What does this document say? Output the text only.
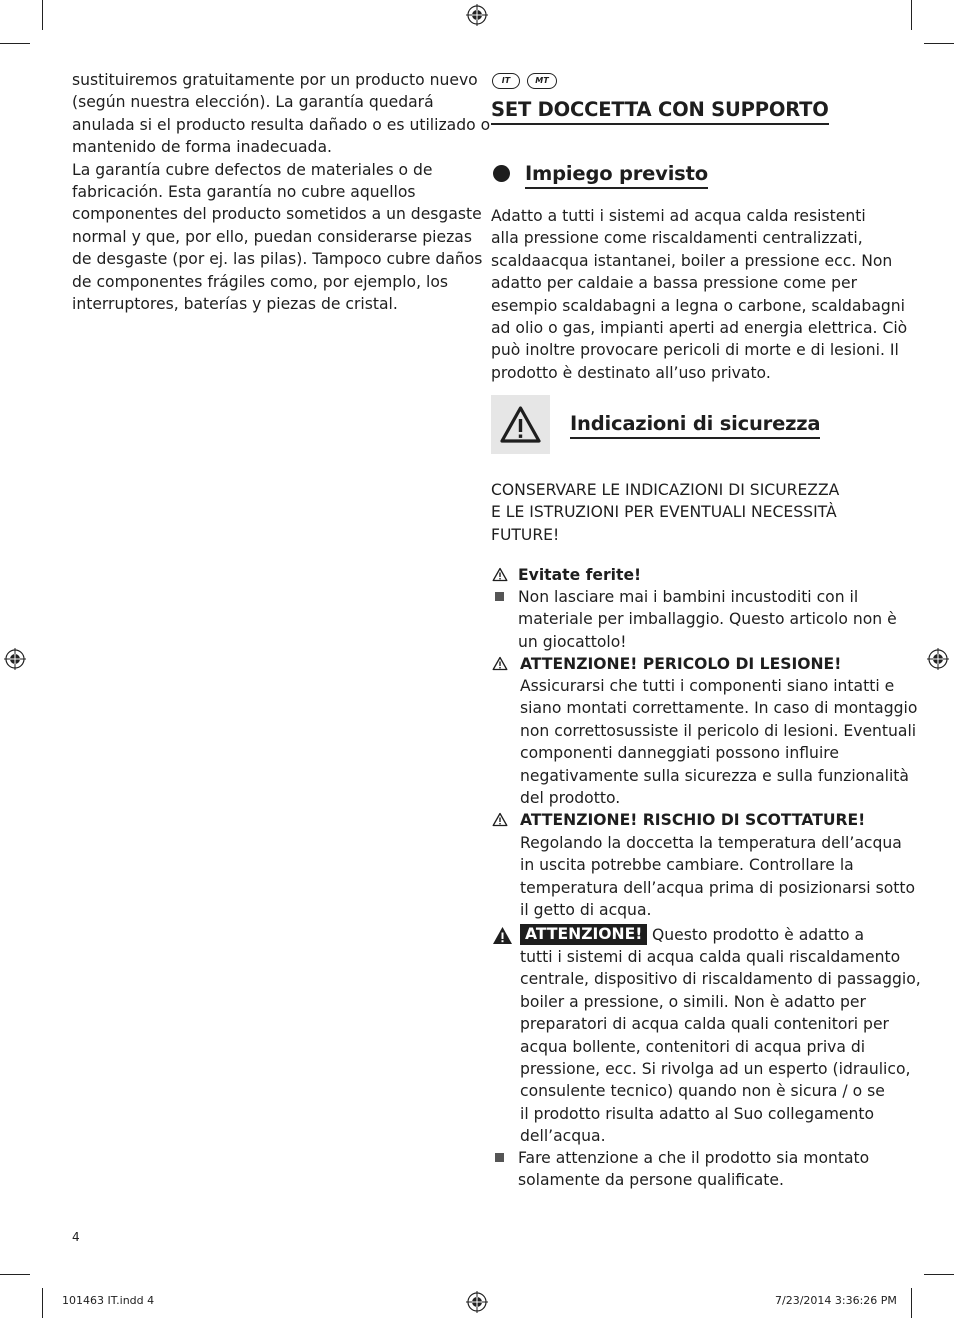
sustituiremos gratuitamente por un producto nuevo
(según nuestra elección). La garantía quedará
anulada si el producto resulta dañado o es utilizado o
mantenido de forma inadecuada.
La garantía cubre defectos de materiales o de
fabricación. Esta garantía no cubre aquellos
componentes del producto sometidos a un desgaste
normal y que, por ello, puedan considerarse piezas
de desgaste (por ej. las pilas). Tampoco cubre daños
de componentes frágiles como, por ejemplo, los
interruptores, baterías y piezas de cristal.
IT	MT
SET DOCCETTA CON SUPPORTO
Impiego previsto
Adatto a tutti i sistemi ad acqua calda resistenti
alla pressione come riscaldamenti centralizzati,
scaldaacqua istantanei, boiler a pressione ecc. Non
adatto per caldaie a bassa pressione come per
esempio scaldabagni a legna o carbone, scaldabagni
ad olio o gas, impianti aperti ad energia elettrica. Ciò
può inoltre provocare pericoli di morte e di lesioni. Il
prodotto è destinato all’uso privato.
Indicazioni di sicurezza
CONSERVARE LE INDICAZIONI DI SICUREZZA
E LE ISTRUZIONI PER EVENTUALI NECESSITÀ
FUTURE!
Evitate ferite!
Non lasciare mai i bambini incustoditi con il
materiale per imballaggio. Questo articolo non è
un giocattolo!
ATTENZIONE! PERICOLO DI LESIONE!
Assicurarsi che tutti i componenti siano intatti e
siano montati correttamente. In caso di montaggio
non correttosussiste il pericolo di lesioni. Eventuali
componenti danneggiati possono influire
negativamente sulla sicurezza e sulla funzionalità
del prodotto.
ATTENZIONE! RISCHIO DI SCOTTATURE!
Regolando la doccetta la temperatura dell’acqua
in uscita potrebbe cambiare. Controllare la
temperatura dell’acqua prima di posizionarsi sotto
il getto di acqua.
ATTENZIONE! Questo prodotto è adatto a
tutti i sistemi di acqua calda quali riscaldamento
centrale, dispositivo di riscaldamento di passaggio,
boiler a pressione, o simili. Non è adatto per
preparatori di acqua calda quali contenitori per
acqua bollente, contenitori di acqua priva di
pressione, ecc. Si rivolga ad un esperto (idraulico,
consulente tecnico) quando non è sicura / o se
il prodotto risulta adatto al Suo collegamento
dell’acqua.
Fare attenzione a che il prodotto sia montato
solamente da persone qualificate.
4
101463 IT.indd 4	7/23/2014 3:36:26 PM
